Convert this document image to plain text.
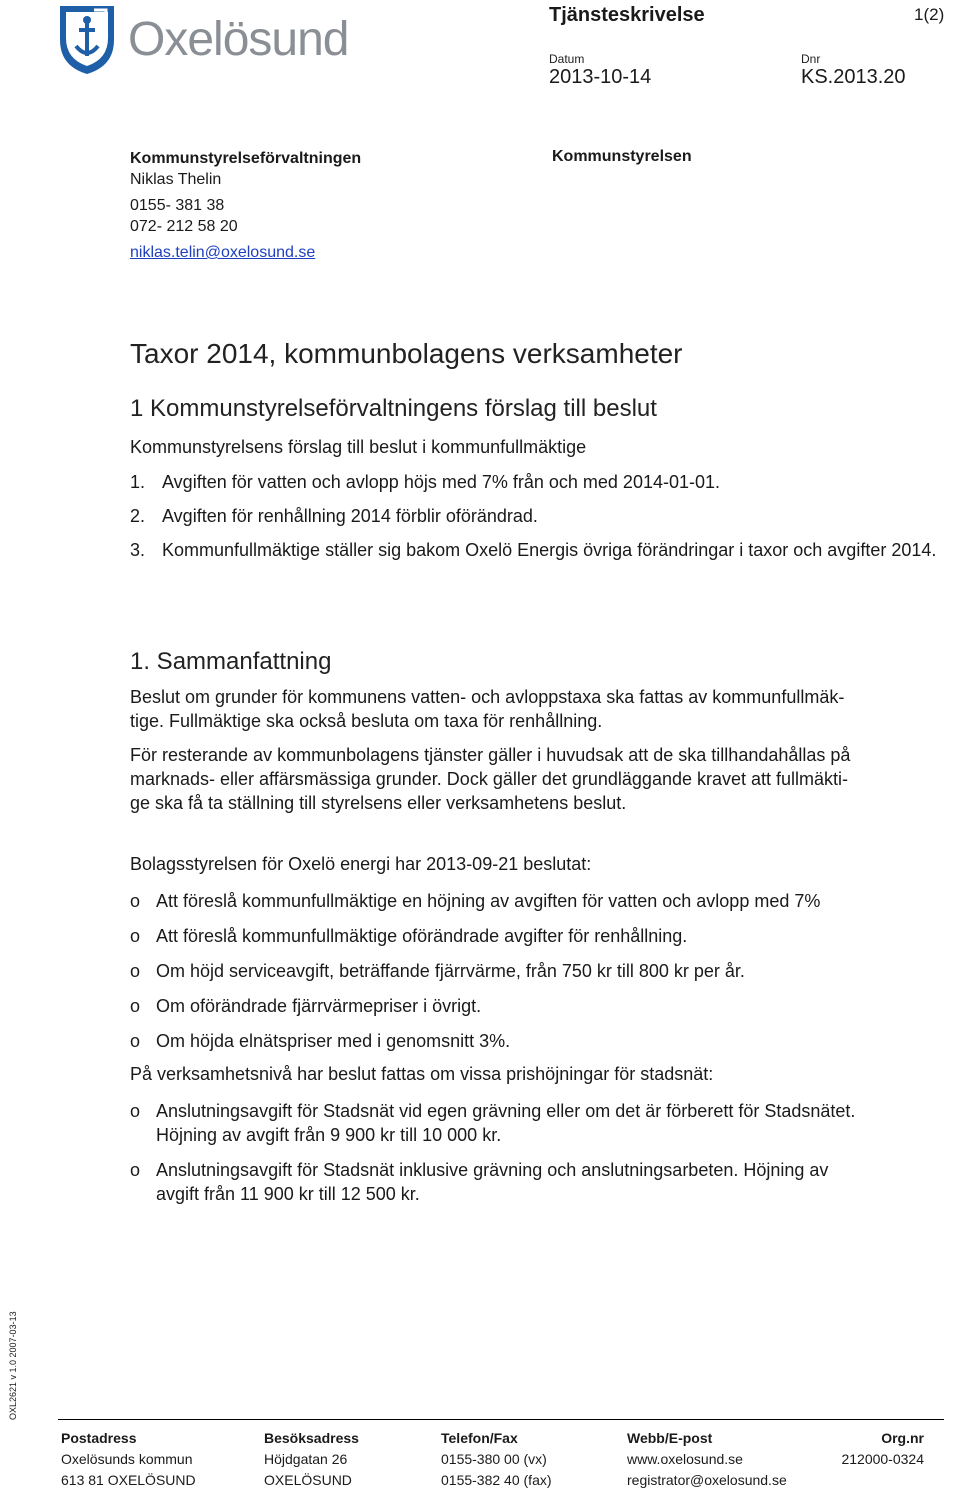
Oxelösund	Tjänsteskrivelse	1(2)
Datum
2013-10-14
Dnr
KS.2013.20
Kommunstyrelseförvaltningen
Niklas Thelin
0155- 381 38
072- 212 58 20
niklas.telin@oxelosund.se
Kommunstyrelsen
Taxor 2014, kommunbolagens verksamheter
1 Kommunstyrelseförvaltningens förslag till beslut
Kommunstyrelsens förslag till beslut i kommunfullmäktige
1. Avgiften för vatten och avlopp höjs med 7% från och med 2014-01-01.
2. Avgiften för renhållning 2014 förblir oförändrad.
3. Kommunfullmäktige ställer sig bakom Oxelö Energis övriga förändringar i taxor och avgifter 2014.
1. Sammanfattning
Beslut om grunder för kommunens vatten- och avloppstaxa ska fattas av kommunfullmäk-
tige. Fullmäktige ska också besluta om taxa för renhållning.
För resterande av kommunbolagens tjänster gäller i huvudsak att de ska tillhandahållas på
marknads- eller affärsmässiga grunder. Dock gäller det grundläggande kravet att fullmäkti-
ge ska få ta ställning till styrelsens eller verksamhetens beslut.
Bolagsstyrelsen för Oxelö energi har 2013-09-21 beslutat:
o Att föreslå kommunfullmäktige en höjning av avgiften för vatten och avlopp med 7%
o Att föreslå kommunfullmäktige oförändrade avgifter för renhållning.
o Om höjd serviceavgift, beträffande fjärrvärme, från 750 kr till 800 kr per år.
o Om oförändrade fjärrvärmepriser i övrigt.
o Om höjda elnätspriser med i genomsnitt 3%.
På verksamhetsnivå har beslut fattas om vissa prishöjningar för stadsnät:
o Anslutningsavgift för Stadsnät vid egen grävning eller om det är förberett för Stadsnätet.
Höjning av avgift från 9 900 kr till 10 000 kr.
o Anslutningsavgift för Stadsnät inklusive grävning och anslutningsarbeten. Höjning av
avgift från 11 900 kr till 12 500 kr.
OXL2621 v 1.0 2007-03-13
Postadress
Oxelösunds kommun
613 81 OXELÖSUND
Besöksadress
Höjdgatan 26
OXELÖSUND
Telefon/Fax
0155-380 00 (vx)
0155-382 40 (fax)
Webb/E-post
www.oxelosund.se
registrator@oxelosund.se
Org.nr
212000-0324
